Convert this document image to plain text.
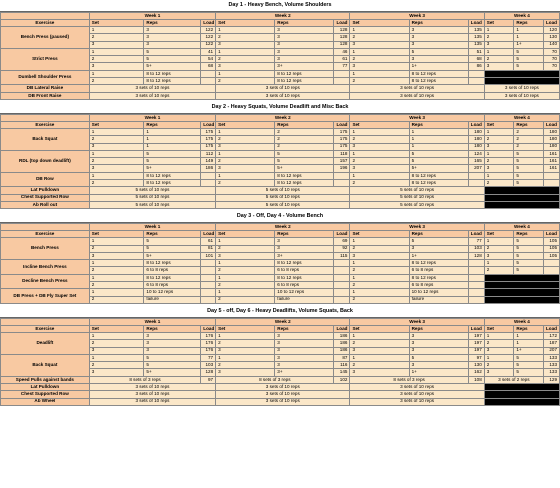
Day 1 - Heavy Bench, Volume Shoulders
	Week 1			Week 2			Week 3			Week 4		
Exercise	Set	Reps	Load	Set	Reps	Load	Set	Reps	Load	Set	Reps	Load
Bench Press (paused)	1	3	122	1	3	128	1	3	135	1	1	120
	2	3	122	2	3	128	2	3	135	2	1	130
	3	3	122	3	3	128	3	3	135	3	1+	140
Strict Press	1	5	41	1	3	46	1	5	51	1	5	70
	2	5	54	2	3	61	2	3	68	2	5	70
	3	5+	68	3	3+	77	3	1+	86	3	5	70
Dumbell Shoulder Press	1	8 to 12 reps		1	8 to 12 reps		1	8 to 12 reps				
	2	8 to 12 reps		2	8 to 12 reps		2	8 to 12 reps				
DB Lateral Raise	3 sets of 10 reps			3 sets of 10 reps			3 sets of 10 reps			3 sets of 10 reps		
DB Front Raise	3 sets of 10 reps			3 sets of 10 reps			3 sets of 10 reps			3 sets of 10 reps		
Day 2 - Heavy Squats, Volume Deadlift and Misc Back
	Week 1			Week 2			Week 3			Week 4		
Exercise	Set	Reps	Load	Set	Reps	Load	Set	Reps	Load	Set	Reps	Load
Back Squat	1	1	175	1	2	175	1	1	180	1	2	180
	2	1	175	2	2	175	2	1	180	2	2	180
	3	1	175	3	2	175	3	1	180	3	2	180
RDL (top down deadlift)	1	5	112	1	5	118	1	5	124	1	5	161
	2	5	149	2	5	157	2	5	165	2	5	161
	3	5+	186	3	5+	196	3	5+	207	3	5	161
DB Row	1	8 to 12 reps		1	8 to 12 reps		1	8 to 12 reps		1	5	
	2	8 to 12 reps		2	8 to 12 reps		2	8 to 12 reps		2	5	
Lat Pulldown	5 sets of 10 reps			5 sets of 10 reps			5 sets of 10 reps					
Chest Supported Row	5 sets of 10 reps			5 sets of 10 reps			5 sets of 10 reps					
Ab Roll out	5 sets of 10 reps			5 sets of 10 reps			5 sets of 10 reps					
Day 3 - Off, Day 4 - Volume Bench
	Week 1			Week 2			Week 3			Week 4		
Exercise	Set	Reps	Load	Set	Reps	Load	Set	Reps	Load	Set	Reps	Load
Bench Press	1	5	61	1	3	69	1	5	77	1	5	105
	2	5	81	2	3	92	2	3	103	2	5	105
	3	5+	101	3	3+	115	3	1+	128	3	5	105
Incline Bench Press	1	8 to 12 reps		1	8 to 12 reps		1	8 to 12 reps		1	5	
	2	6 to 8 reps		2	6 to 8 reps		2	6 to 8 reps		2	5	
Decline Bench Press	1	8 to 12 reps		1	8 to 12 reps		1	8 to 12 reps				
	2	6 to 8 reps		2	6 to 8 reps		2	6 to 8 reps				
DB Press + DB Fly Super Set	1	10 to 12 reps		1	10 to 12 reps		1	10 to 12 reps				
	2	failure		2	failure		2	failure				
Day 5 - off, Day 6 - Heavy Deadlifts, Volume Squats, Back
	Week 1			Week 2			Week 3			Week 4		
Exercise	Set	Reps	Load	Set	Reps	Load	Set	Reps	Load	Set	Reps	Load
Deadlift	1	3	176	1	3	186	1	3	197	1	1	172
	2	3	176	2	3	186	2	3	197	2	1	187
	3	3	176	3	3	186	3	3	197	3	1+	207
Back Squat	1	5	77	1	3	87	1	5	97	1	5	133
	2	5	103	2	3	116	2	3	130	2	5	133
	3	5+	128	3	3+	145	3	1+	162	3	5	133
Speed Pulls against bands	8 sets of 3 reps		97	8 sets of 3 reps		102	8 sets of 3 reps		108	3 sets of 2 reps		129
Lat Pulldown	3 sets of 10 reps			3 sets of 10 reps			3 sets of 10 reps					
Chest Supported Row	3 sets of 10 reps			3 sets of 10 reps			3 sets of 10 reps					
Ab Wheel	3 sets of 10 reps			3 sets of 10 reps			3 sets of 10 reps					
